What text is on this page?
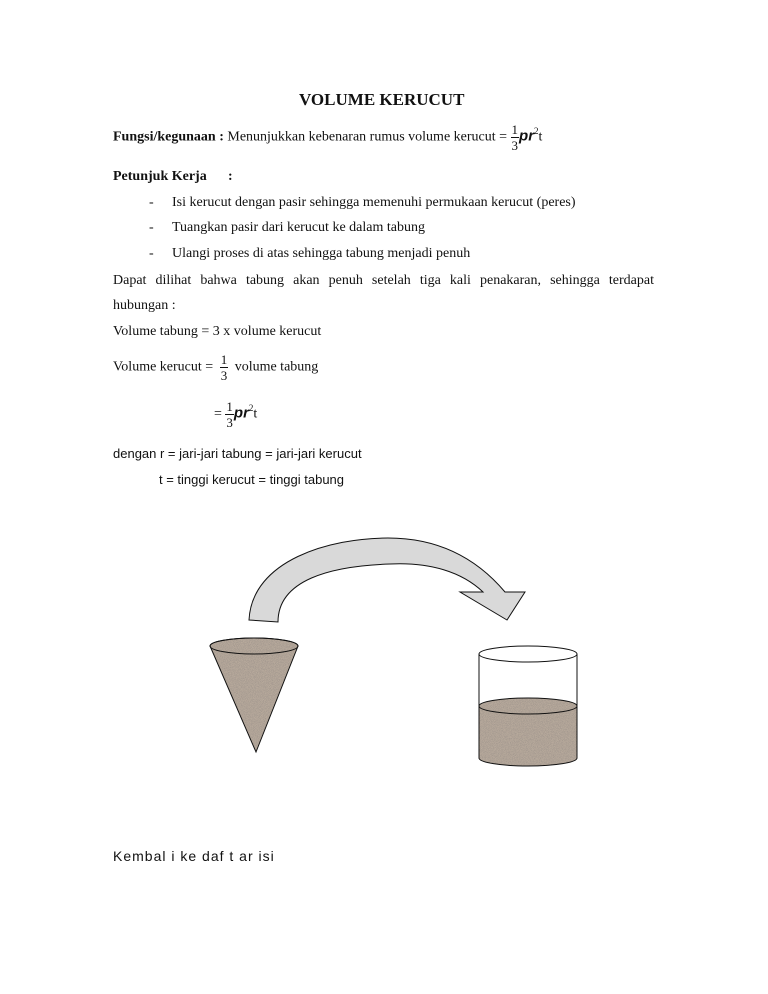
VOLUME KERUCUT
Fungsi/kegunaan : Menunjukkan kebenaran rumus volume kerucut = $\frac{1}{3} pr^2t$
Petunjuk Kerja :
- Isi kerucut dengan pasir sehingga memenuhi permukaan kerucut (peres)
- Tuangkan pasir dari kerucut ke dalam tabung
- Ulangi proses di atas sehingga tabung menjadi penuh
Dapat dilihat bahwa tabung akan penuh setelah tiga kali penakaran, sehingga terdapat
hubungan :
Volume tabung = 3 x volume kerucut
Volume kerucut = $\frac{1}{3}$ volume tabung
= $\frac{1}{3} pr^2t$
dengan r = jari-jari tabung = jari-jari kerucut
t = tinggi kerucut = tinggi tabung
Kembal i ke daf t ar isi
